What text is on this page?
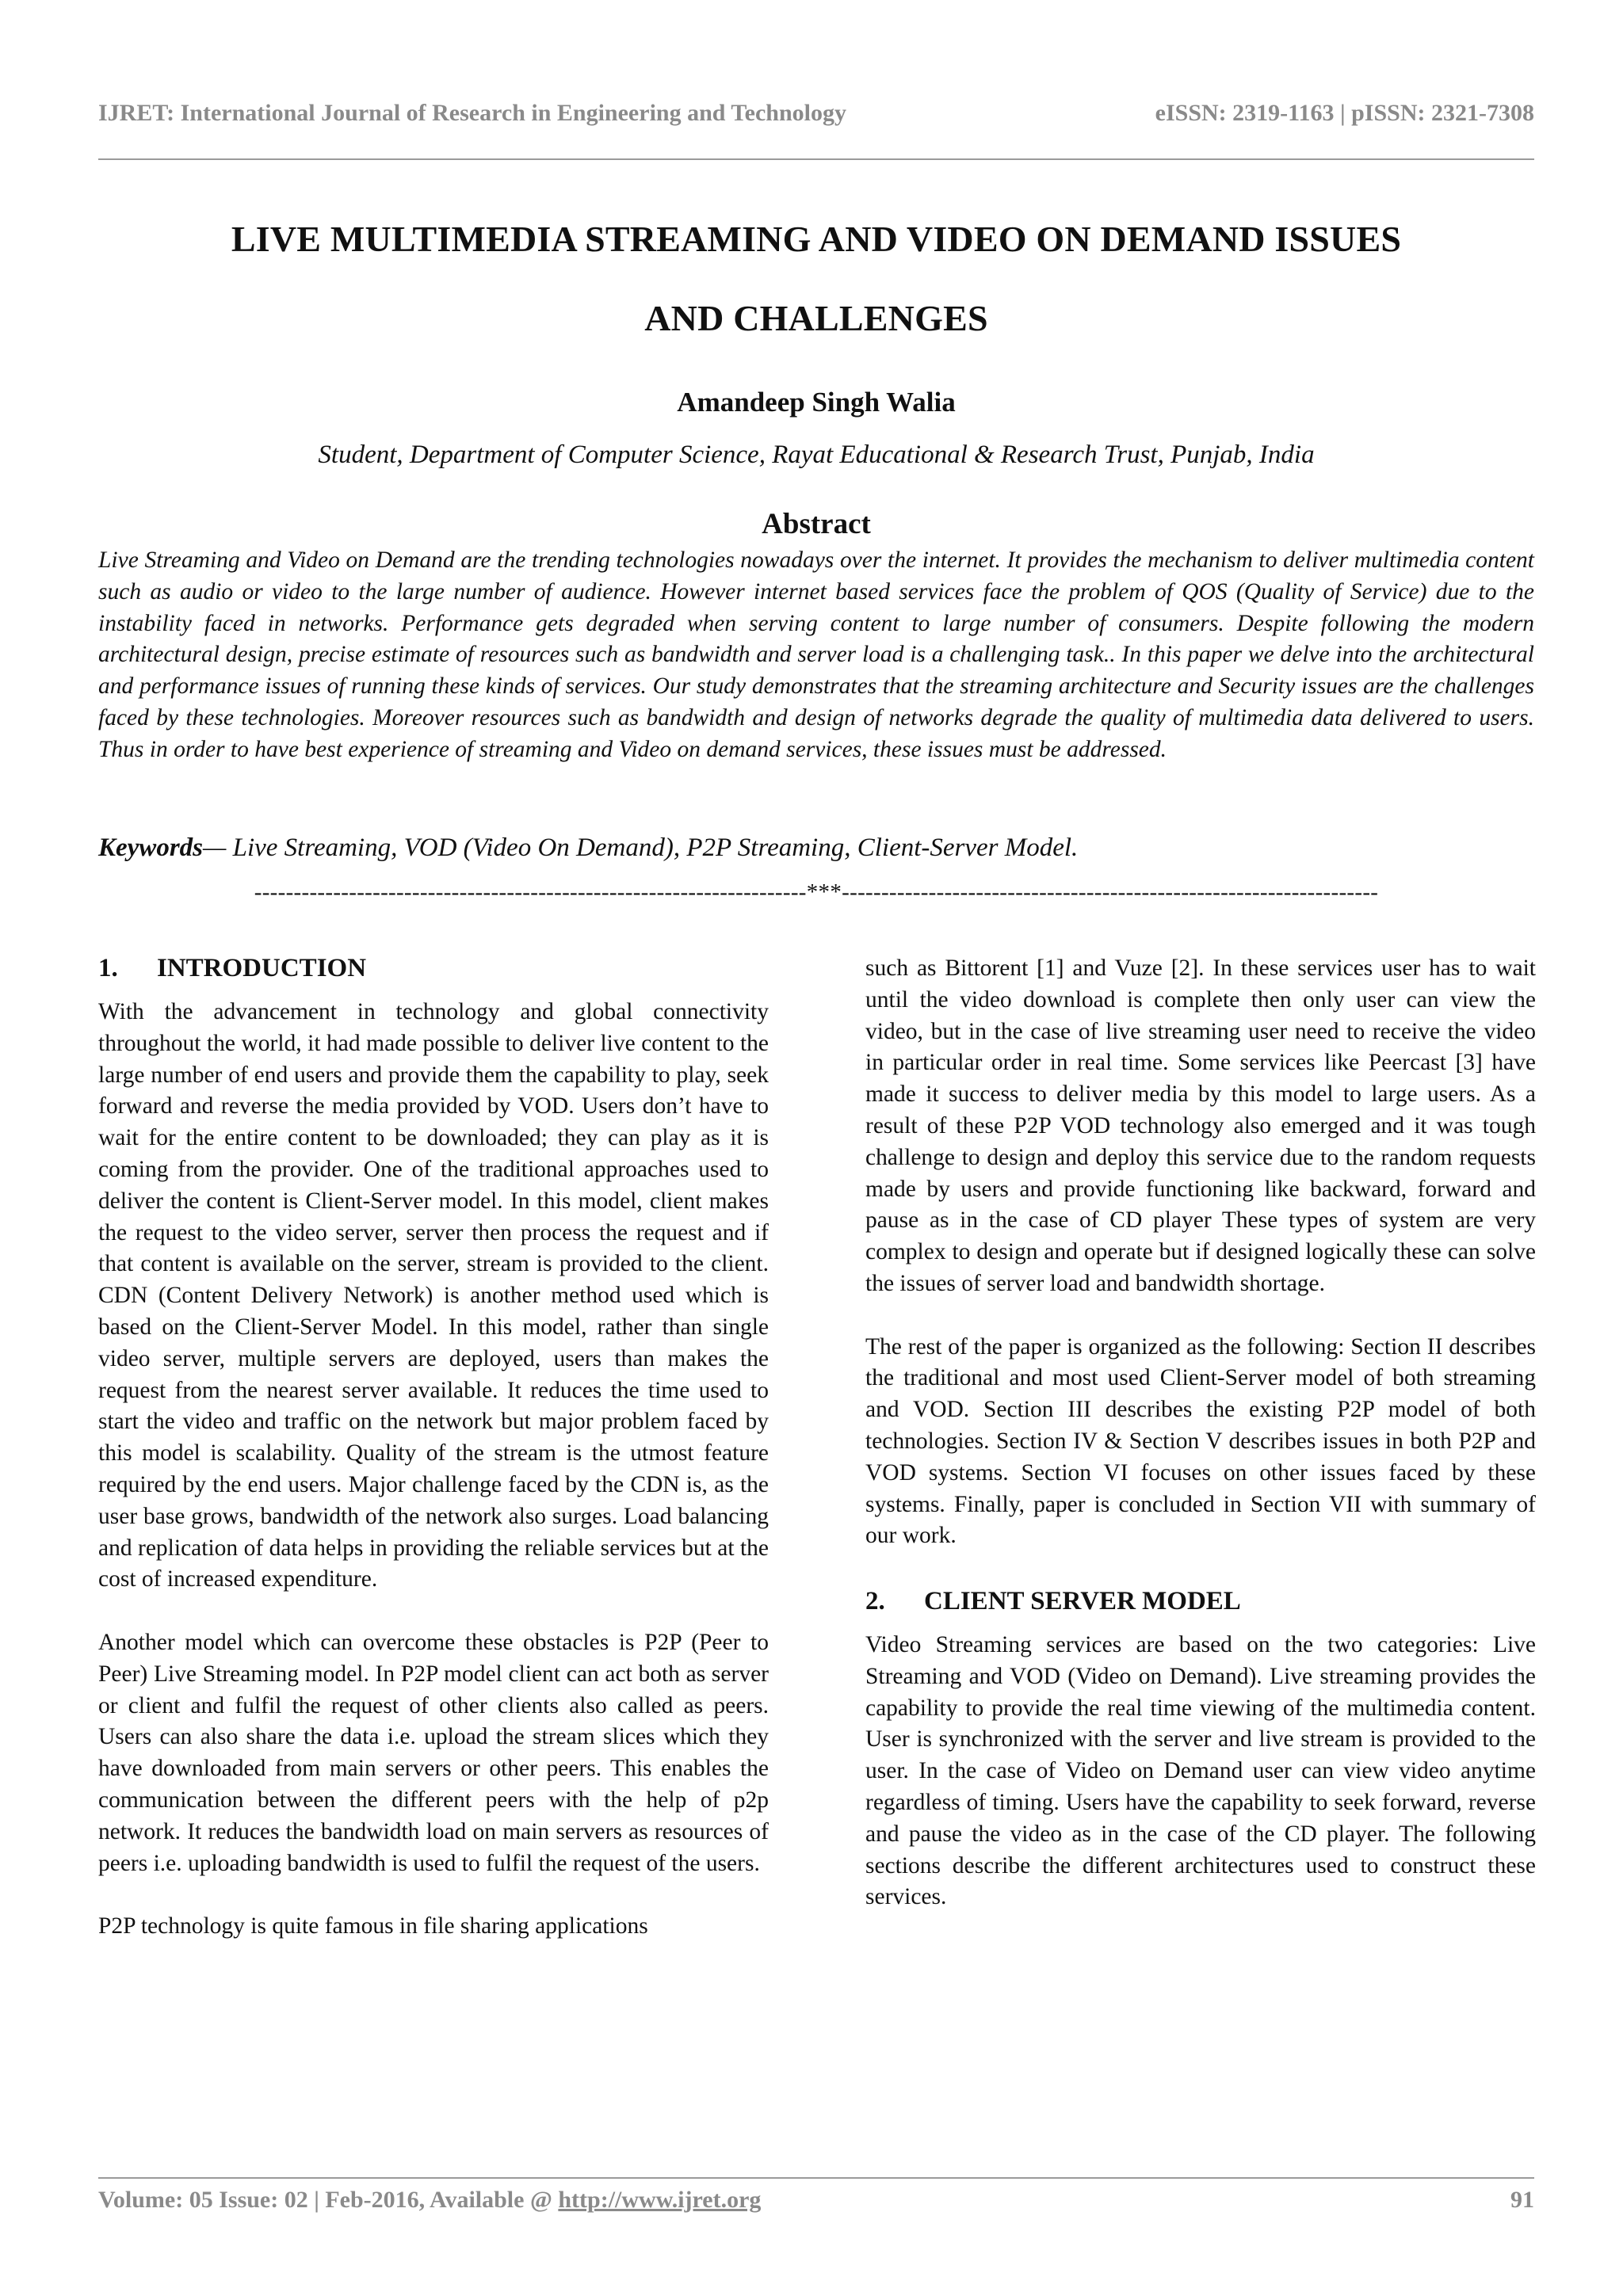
IJRET: International Journal of Research in Engineering and Technology	eISSN: 2319-1163 | pISSN: 2321-7308
LIVE MULTIMEDIA STREAMING AND VIDEO ON DEMAND ISSUES
AND CHALLENGES
Amandeep Singh Walia
Student, Department of Computer Science, Rayat Educational & Research Trust, Punjab, India
Abstract

Live Streaming and Video on Demand are the trending technologies nowadays over the internet. It provides the mechanism to deliver multimedia content such as audio or video to the large number of audience. However internet based services face the problem of QOS (Quality of Service) due to the instability faced in networks. Performance gets degraded when serving content to large number of consumers. Despite following the modern architectural design, precise estimate of resources such as bandwidth and server load is a challenging task.. In this paper we delve into the architectural and performance issues of running these kinds of services. Our study demonstrates that the streaming architecture and Security issues are the challenges faced by these technologies. Moreover resources such as bandwidth and design of networks degrade the quality of multimedia data delivered to users. Thus in order to have best experience of streaming and Video on demand services, these issues must be addressed.

Keywords— Live Streaming, VOD (Video On Demand), P2P Streaming, Client-Server Model.
----------------------------------------------------------------------***--------------------------------------------------------------------
1. INTRODUCTION

With the advancement in technology and global connectivity throughout the world, it had made possible to deliver live content to the large number of end users and provide them the capability to play, seek forward and reverse the media provided by VOD. Users don’t have to wait for the entire content to be downloaded; they can play as it is coming from the provider. One of the traditional approaches used to deliver the content is Client-Server model. In this model, client makes the request to the video server, server then process the request and if that content is available on the server, stream is provided to the client. CDN (Content Delivery Network) is another method used which is based on the Client-Server Model. In this model, rather than single video server, multiple servers are deployed, users than makes the request from the nearest server available. It reduces the time used to start the video and traffic on the network but major problem faced by this model is scalability. Quality of the stream is the utmost feature required by the end users. Major challenge faced by the CDN is, as the user base grows, bandwidth of the network also surges. Load balancing and replication of data helps in providing the reliable services but at the cost of increased expenditure.

Another model which can overcome these obstacles is P2P (Peer to Peer) Live Streaming model. In P2P model client can act both as server or client and fulfil the request of other clients also called as peers. Users can also share the data i.e. upload the stream slices which they have downloaded from main servers or other peers. This enables the communication between the different peers with the help of p2p network. It reduces the bandwidth load on main servers as resources of peers i.e. uploading bandwidth is used to fulfil the request of the users.

P2P technology is quite famous in file sharing applications

such as Bittorent [1] and Vuze [2]. In these services user has to wait until the video download is complete then only user can view the video, but in the case of live streaming user need to receive the video in particular order in real time. Some services like Peercast [3] have made it success to deliver media by this model to large users. As a result of these P2P VOD technology also emerged and it was tough challenge to design and deploy this service due to the random requests made by users and provide functioning like backward, forward and pause as in the case of CD player These types of system are very complex to design and operate but if designed logically these can solve the issues of server load and bandwidth shortage.

The rest of the paper is organized as the following: Section II describes the traditional and most used Client-Server model of both streaming and VOD. Section III describes the existing P2P model of both technologies. Section IV & Section V describes issues in both P2P and VOD systems. Section VI focuses on other issues faced by these systems. Finally, paper is concluded in Section VII with summary of our work.

2. CLIENT SERVER MODEL

Video Streaming services are based on the two categories: Live Streaming and VOD (Video on Demand). Live streaming provides the capability to provide the real time viewing of the multimedia content. User is synchronized with the server and live stream is provided to the user. In the case of Video on Demand user can view video anytime regardless of timing. Users have the capability to seek forward, reverse and pause the video as in the case of the CD player. The following sections describe the different architectures used to construct these services.

Volume: 05 Issue: 02 | Feb-2016, Available @ http://www.ijret.org	91
